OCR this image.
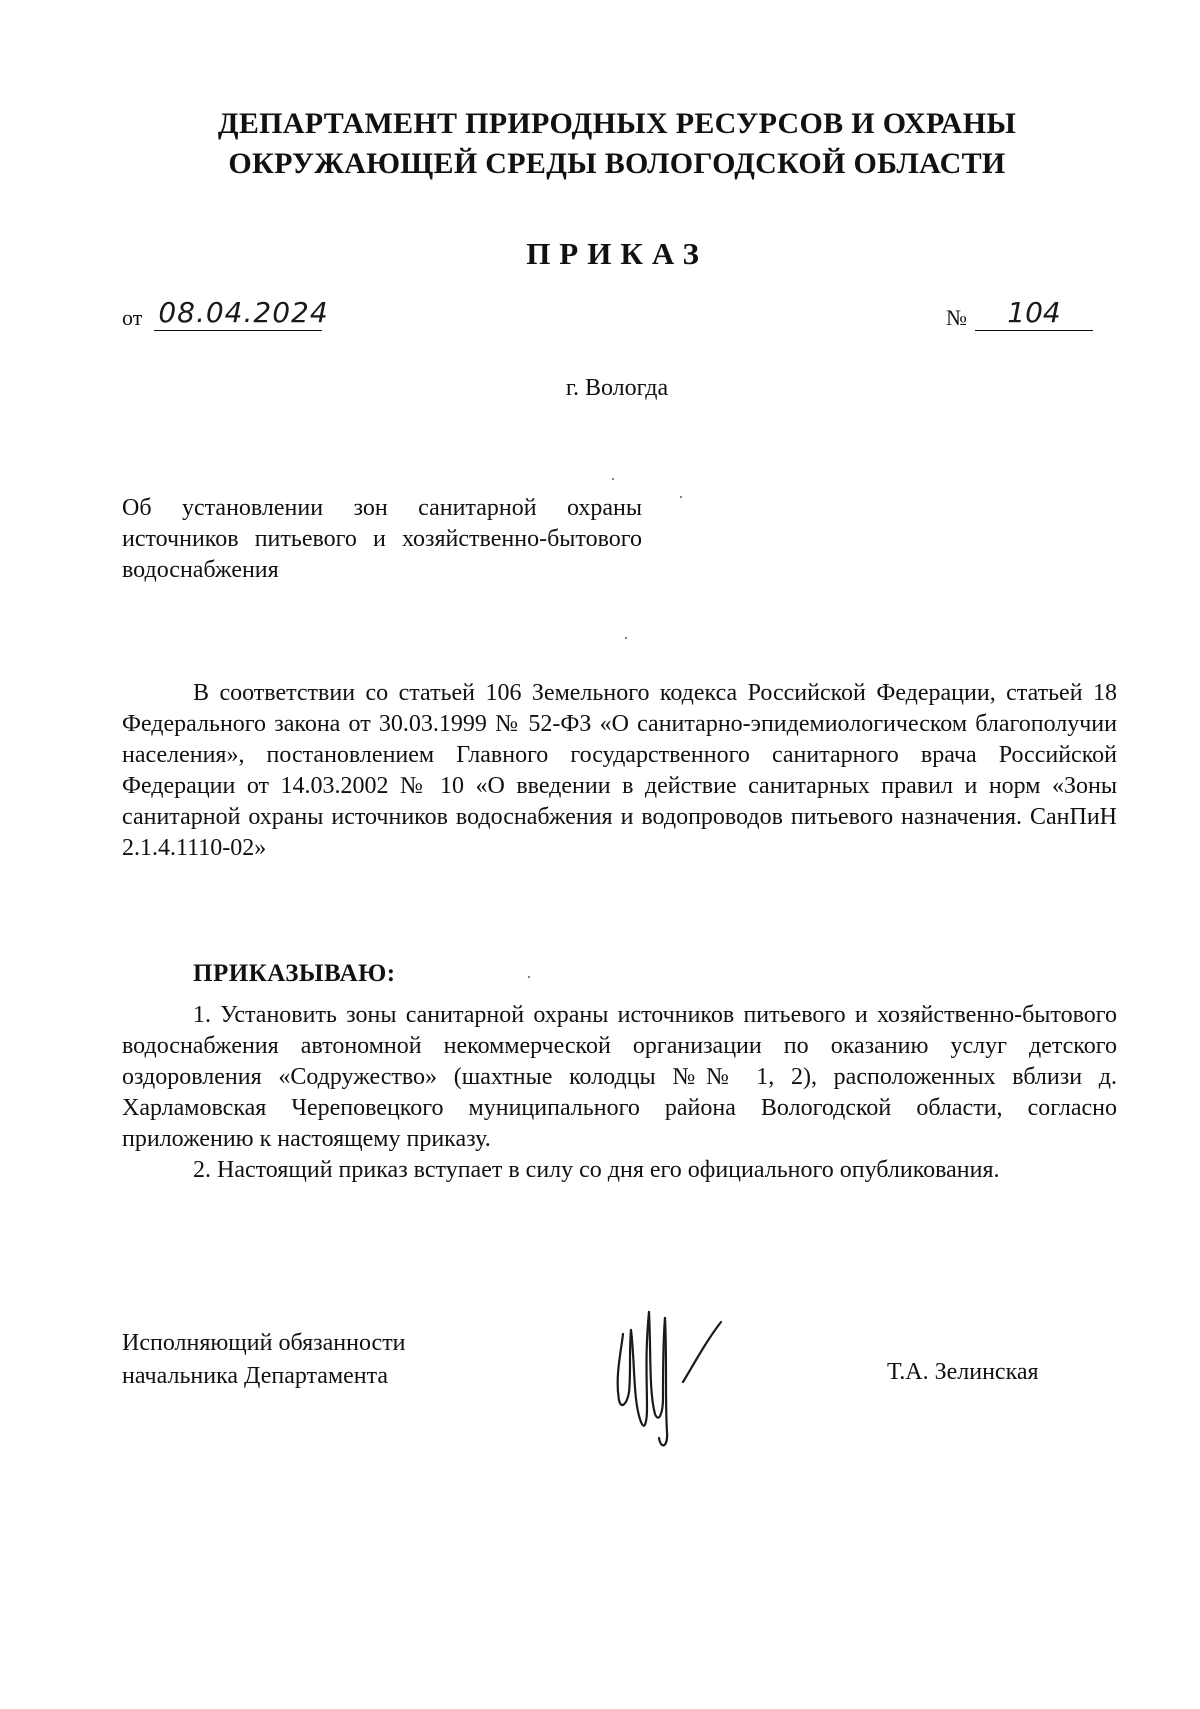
ДЕПАРТАМЕНТ ПРИРОДНЫХ РЕСУРСОВ И ОХРАНЫ
ОКРУЖАЮЩЕЙ СРЕДЫ ВОЛОГОДСКОЙ ОБЛАСТИ
ПРИКАЗ
от 08.04.2024	№	104
г. Вологда
Об установлении зон санитарной охраны источников питьевого и хозяйственно-бытового водоснабжения
В соответствии со статьей 106 Земельного кодекса Российской Федерации, статьей 18 Федерального закона от 30.03.1999 № 52-ФЗ «О санитарно-эпидемиологическом благополучии населения», постановлением Главного государственного санитарного врача Российской Федерации от 14.03.2002 № 10 «О введении в действие санитарных правил и норм «Зоны санитарной охраны источников водоснабжения и водопроводов питьевого назначения. СанПиН 2.1.4.1110-02»
ПРИКАЗЫВАЮ:

1. Установить зоны санитарной охраны источников питьевого и хозяйственно-бытового водоснабжения автономной некоммерческой организации по оказанию услуг детского оздоровления «Содружество» (шахтные колодцы №№ 1, 2), расположенных вблизи д. Харламовская Череповецкого муниципального района Вологодской области, согласно приложению к настоящему приказу.

2. Настоящий приказ вступает в силу со дня его официального опубликования.

Исполняющий обязанности
начальника Департамента	Т.А. Зелинская
